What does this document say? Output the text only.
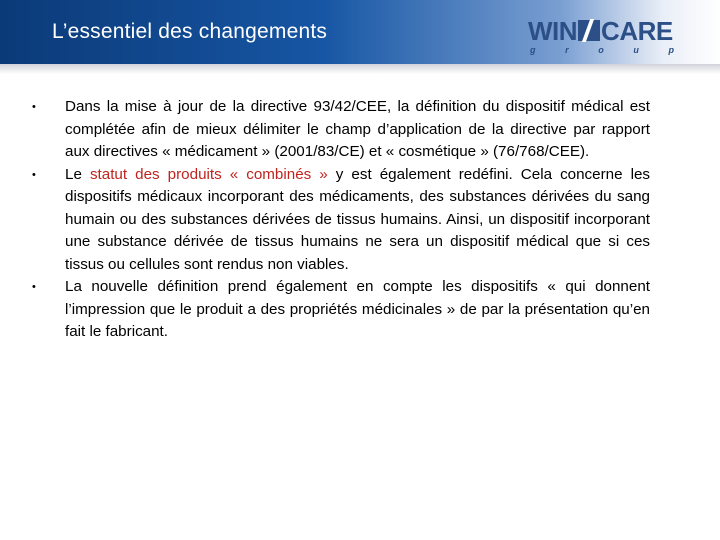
L’essentiel des changements	WIN CARE
g	r	o	u	p
•	Dans la mise à jour de la directive 93/42/CEE, la définition du dispositif médical est complétée afin de mieux délimiter le champ d’application de la directive par rapport aux directives « médicament » (2001/83/CE) et « cosmétique » (76/768/CEE).
•	Le statut des produits « combinés » y est également redéfini. Cela concerne les dispositifs médicaux incorporant des médicaments, des substances dérivées du sang humain ou des substances dérivées de tissus humains. Ainsi, un dispositif incorporant une substance dérivée de tissus humains ne sera un dispositif médical que si ces tissus ou cellules sont rendus non viables.
•	La nouvelle définition prend également en compte les dispositifs « qui donnent l’impression que le produit a des propriétés médicinales » de par la présentation qu’en fait le fabricant.
